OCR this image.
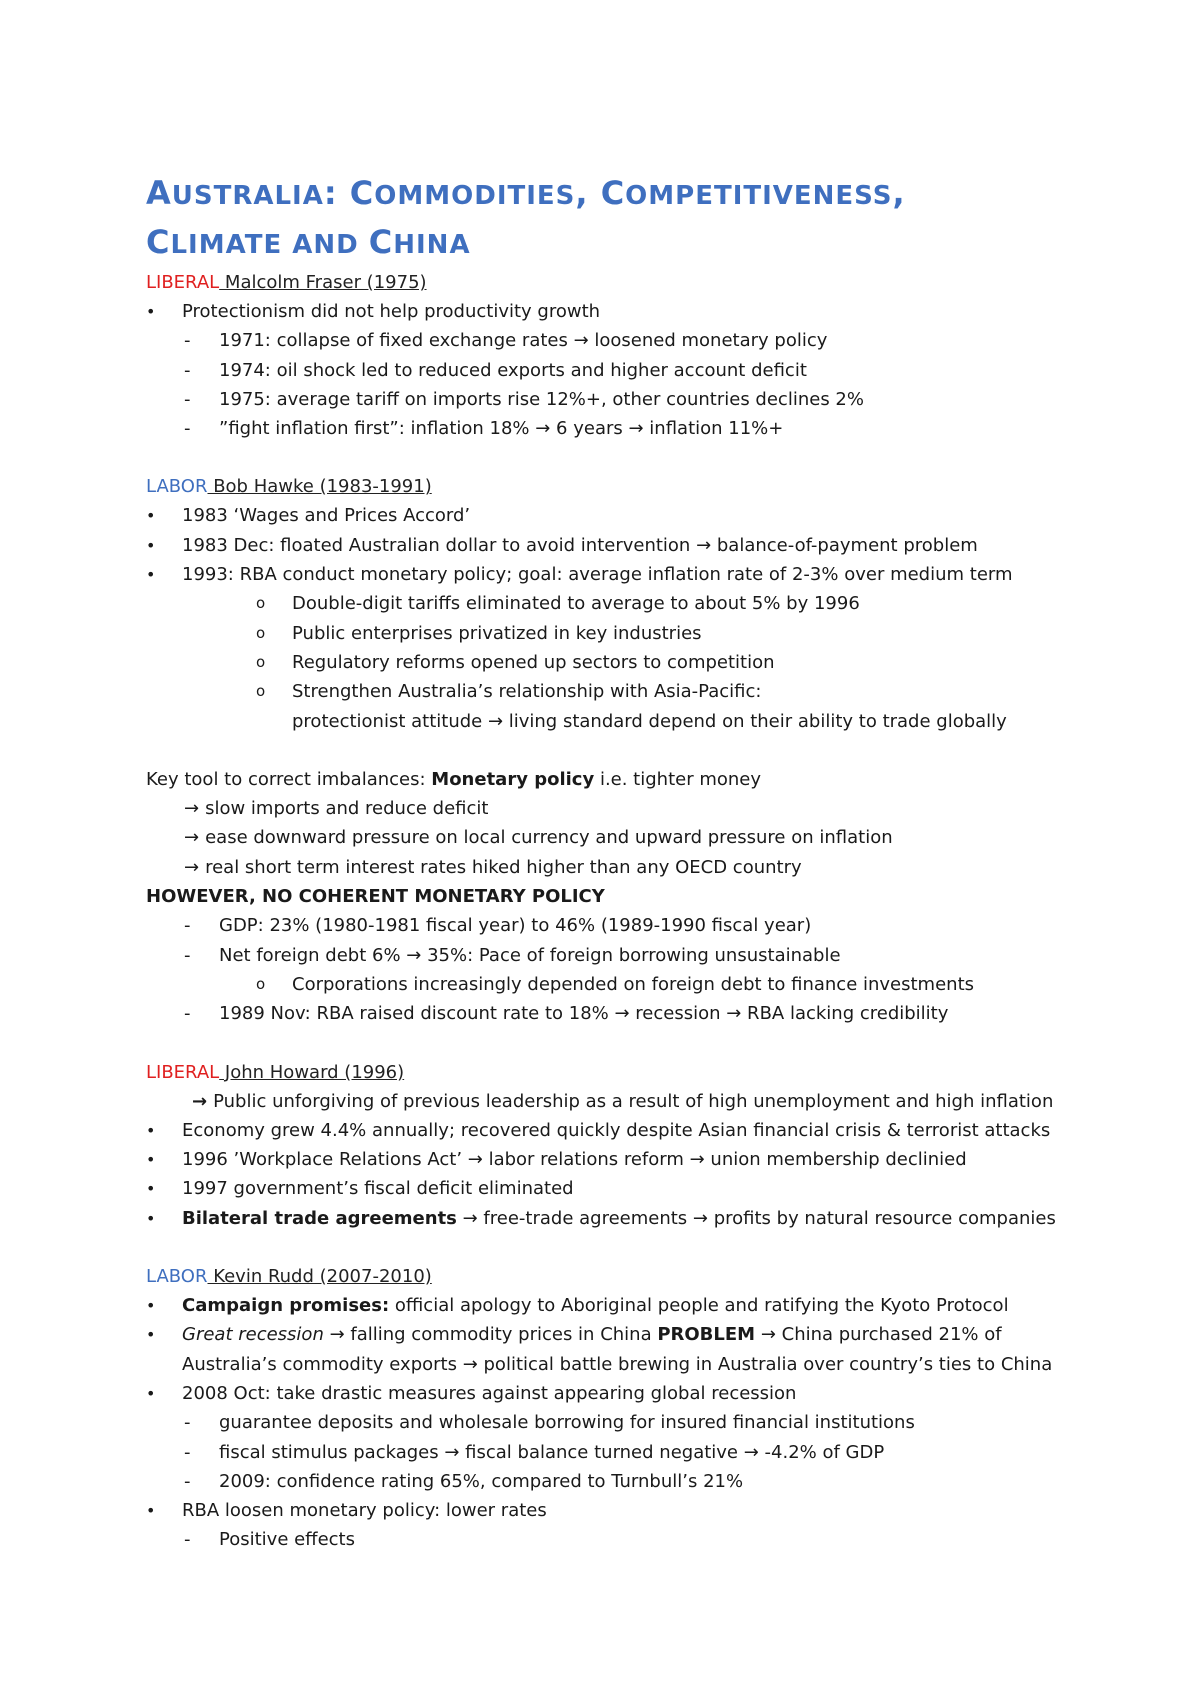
AUSTRALIA: COMMODITIES, COMPETITIVENESS,
CLIMATE AND CHINA
LIBERAL Malcolm Fraser (1975)
• Protectionism did not help productivity growth
- 1971: collapse of fixed exchange rates → loosened monetary policy
- 1974: oil shock led to reduced exports and higher account deficit
- 1975: average tariff on imports rise 12%+, other countries declines 2%
- ”fight inflation first”: inflation 18% → 6 years → inflation 11%+
LABOR Bob Hawke (1983-1991)
• 1983 ‘Wages and Prices Accord’
• 1983 Dec: floated Australian dollar to avoid intervention → balance-of-payment problem
• 1993: RBA conduct monetary policy; goal: average inflation rate of 2-3% over medium term
o Double-digit tariffs eliminated to average to about 5% by 1996
o Public enterprises privatized in key industries
o Regulatory reforms opened up sectors to competition
o Strengthen Australia’s relationship with Asia-Pacific:
protectionist attitude → living standard depend on their ability to trade globally
Key tool to correct imbalances: Monetary policy i.e. tighter money
→ slow imports and reduce deficit
→ ease downward pressure on local currency and upward pressure on inflation
→ real short term interest rates hiked higher than any OECD country
HOWEVER, NO COHERENT MONETARY POLICY
- GDP: 23% (1980-1981 fiscal year) to 46% (1989-1990 fiscal year)
- Net foreign debt 6% → 35%: Pace of foreign borrowing unsustainable
o Corporations increasingly depended on foreign debt to finance investments
- 1989 Nov: RBA raised discount rate to 18% → recession → RBA lacking credibility
LIBERAL John Howard (1996)
→ Public unforgiving of previous leadership as a result of high unemployment and high inflation
• Economy grew 4.4% annually; recovered quickly despite Asian financial crisis & terrorist attacks
• 1996 ’Workplace Relations Act’ → labor relations reform → union membership declinied
• 1997 government’s fiscal deficit eliminated
• Bilateral trade agreements → free-trade agreements → profits by natural resource companies
LABOR Kevin Rudd (2007-2010)
• Campaign promises: official apology to Aboriginal people and ratifying the Kyoto Protocol
• Great recession → falling commodity prices in China PROBLEM → China purchased 21% of
Australia’s commodity exports → political battle brewing in Australia over country’s ties to China
• 2008 Oct: take drastic measures against appearing global recession
- guarantee deposits and wholesale borrowing for insured financial institutions
- fiscal stimulus packages → fiscal balance turned negative → -4.2% of GDP
- 2009: confidence rating 65%, compared to Turnbull’s 21%
• RBA loosen monetary policy: lower rates
- Positive effects
